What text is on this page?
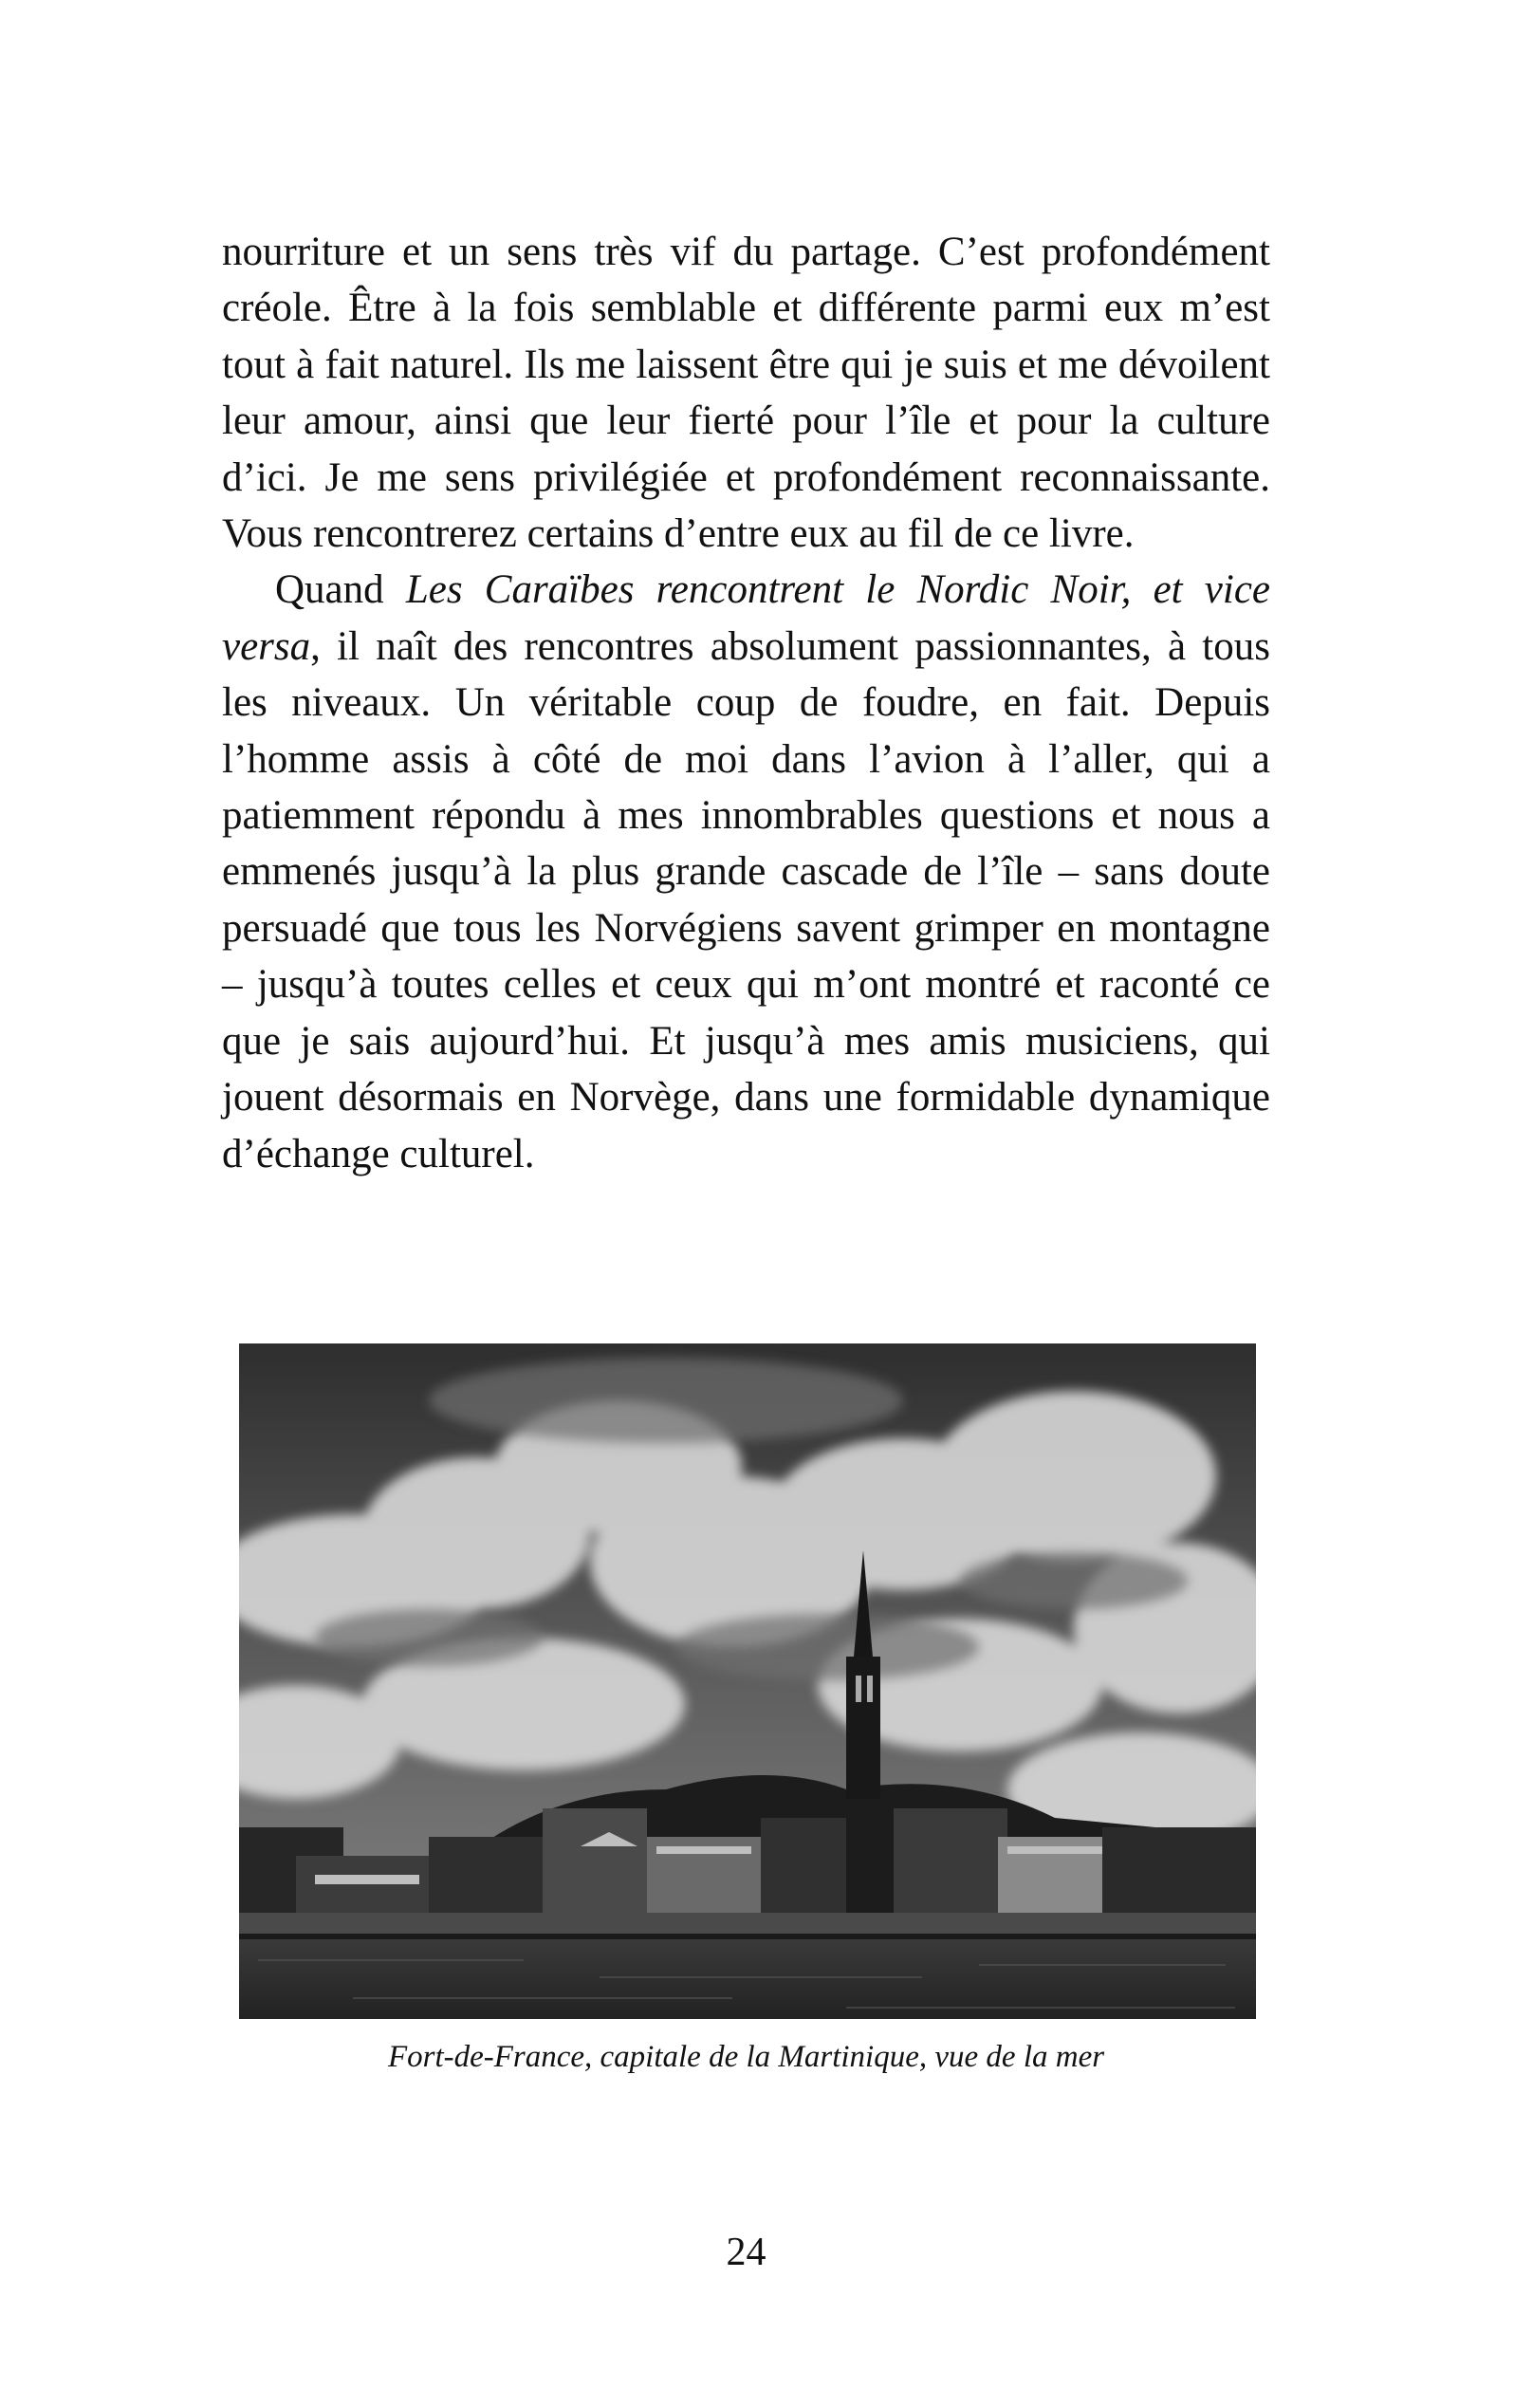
nourriture et un sens très vif du partage. C’est profondément créole. Être à la fois semblable et différente parmi eux m’est tout à fait naturel. Ils me laissent être qui je suis et me dévoilent leur amour, ainsi que leur fierté pour l’île et pour la culture d’ici. Je me sens privilégiée et profondément reconnaissante. Vous rencontrerez certains d’entre eux au fil de ce livre.

Quand Les Caraïbes rencontrent le Nordic Noir, et vice versa, il naît des rencontres absolument passionnantes, à tous les niveaux. Un véritable coup de foudre, en fait. Depuis l’homme assis à côté de moi dans l’avion à l’aller, qui a patiemment répondu à mes innombrables questions et nous a emmenés jusqu’à la plus grande cascade de l’île – sans doute persuadé que tous les Norvégiens savent grimper en montagne – jusqu’à toutes celles et ceux qui m’ont montré et raconté ce que je sais aujourd’hui. Et jusqu’à mes amis musiciens, qui jouent désormais en Norvège, dans une formidable dynamique d’échange culturel.

Fort-de-France, capitale de la Martinique, vue de la mer
24
